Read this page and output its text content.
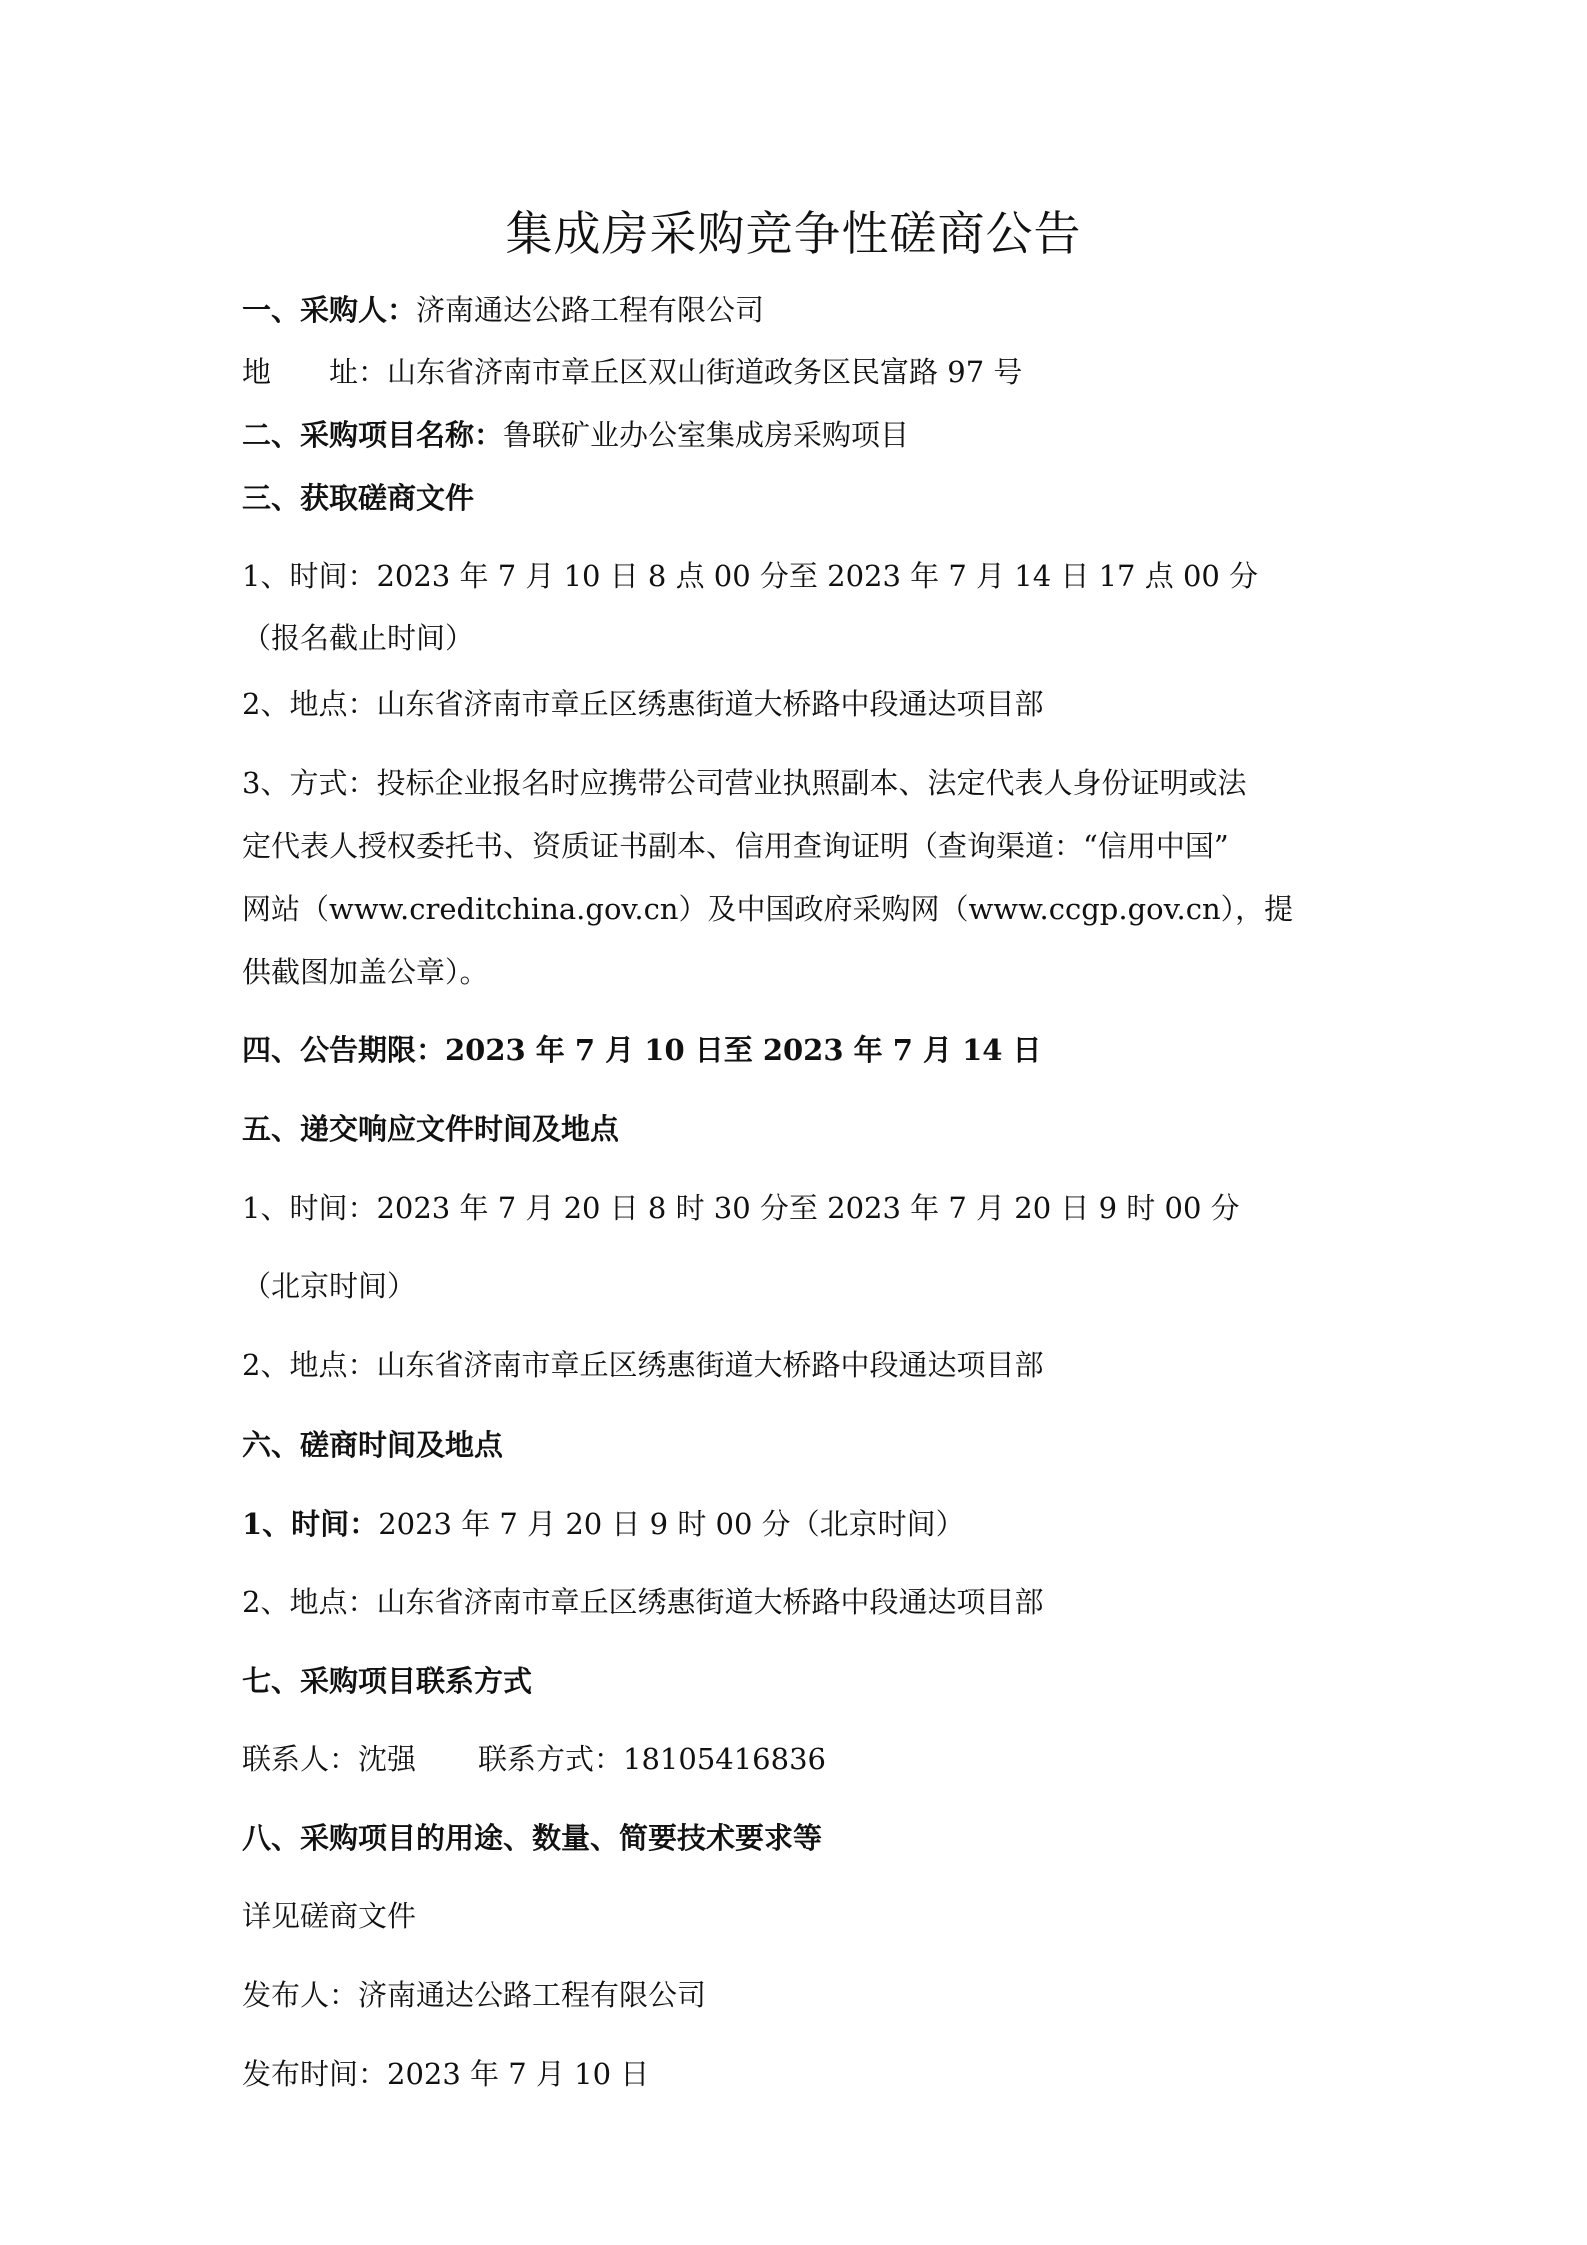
集成房采购竞争性磋商公告
一、采购人：济南通达公路工程有限公司
地 址：山东省济南市章丘区双山街道政务区民富路 97 号
二、采购项目名称：鲁联矿业办公室集成房采购项目
三、获取磋商文件
1、时间：2023 年 7 月 10 日 8 点 00 分至 2023 年 7 月 14 日 17 点 00 分
（报名截止时间）
2、地点：山东省济南市章丘区绣惠街道大桥路中段通达项目部
3、方式：投标企业报名时应携带公司营业执照副本、法定代表人身份证明或法
定代表人授权委托书、资质证书副本、信用查询证明（查询渠道：“信用中国”
网站（www.creditchina.gov.cn）及中国政府采购网（www.ccgp.gov.cn），提
供截图加盖公章）。
四、公告期限：2023 年 7 月 10 日至 2023 年 7 月 14 日
五、递交响应文件时间及地点
1、时间：2023 年 7 月 20 日 8 时 30 分至 2023 年 7 月 20 日 9 时 00 分
（北京时间）
2、地点：山东省济南市章丘区绣惠街道大桥路中段通达项目部
六、磋商时间及地点
1、时间：2023 年 7 月 20 日 9 时 00 分（北京时间）
2、地点：山东省济南市章丘区绣惠街道大桥路中段通达项目部
七、采购项目联系方式
联系人：沈强 联系方式：18105416836
八、采购项目的用途、数量、简要技术要求等
详见磋商文件
发布人：济南通达公路工程有限公司
发布时间：2023 年 7 月 10 日
